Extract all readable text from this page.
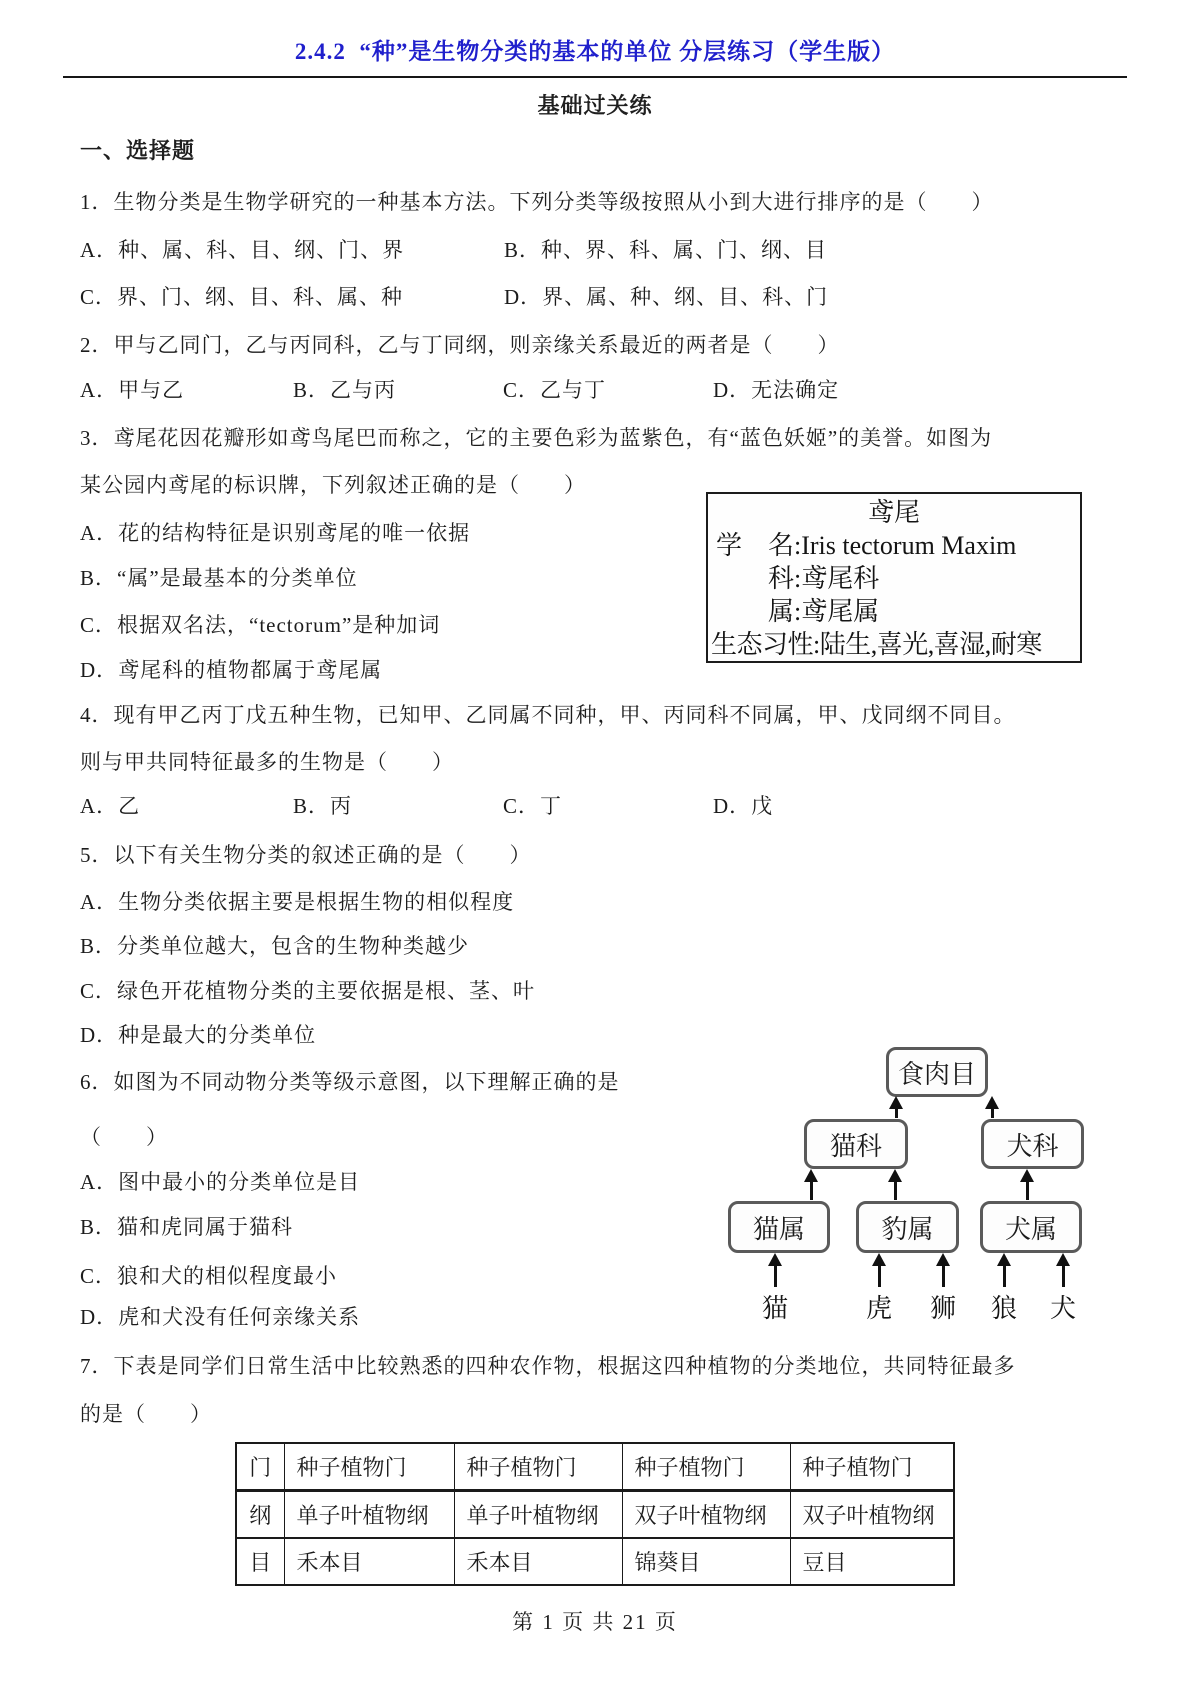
2.4.2  “种”是生物分类的基本的单位 分层练习（学生版）
基础过关练
一、选择题
1．生物分类是生物学研究的一种基本方法。下列分类等级按照从小到大进行排序的是（　　）
A．种、属、科、目、纲、门、界	B．种、界、科、属、门、纲、目
C．界、门、纲、目、科、属、种	D．界、属、种、纲、目、科、门
2．甲与乙同门，乙与丙同科，乙与丁同纲，则亲缘关系最近的两者是（　　）
A．甲与乙	B．乙与丙	C．乙与丁	D．无法确定
3．鸢尾花因花瓣形如鸢鸟尾巴而称之，它的主要色彩为蓝紫色，有“蓝色妖姬”的美誉。如图为
某公园内鸢尾的标识牌，下列叙述正确的是（　　）
A．花的结构特征是识别鸢尾的唯一依据
B．“属”是最基本的分类单位
C．根据双名法，“tectorum”是种加词
D．鸢尾科的植物都属于鸢尾属
鸢尾
学　名:Iris tectorum Maxim
科:鸢尾科
属:鸢尾属
生态习性:陆生,喜光,喜湿,耐寒
4．现有甲乙丙丁戊五种生物，已知甲、乙同属不同种，甲、丙同科不同属，甲、戊同纲不同目。
则与甲共同特征最多的生物是（　　）
A．乙	B．丙	C．丁	D．戊
5．以下有关生物分类的叙述正确的是（　　）
A．生物分类依据主要是根据生物的相似程度
B．分类单位越大，包含的生物种类越少
C．绿色开花植物分类的主要依据是根、茎、叶
D．种是最大的分类单位
6．如图为不同动物分类等级示意图，以下理解正确的是
（　　）
A．图中最小的分类单位是目
B．猫和虎同属于猫科
C．狼和犬的相似程度最小
D．虎和犬没有任何亲缘关系
食肉目
猫科	犬科
猫属	豹属	犬属
猫	虎 狮 狼 犬
7．下表是同学们日常生活中比较熟悉的四种农作物，根据这四种植物的分类地位，共同特征最多
的是（　　）
门	种子植物门	种子植物门	种子植物门	种子植物门
纲	单子叶植物纲	单子叶植物纲	双子叶植物纲	双子叶植物纲
目	禾本目	禾本目	锦葵目	豆目
第 1 页 共 21 页
